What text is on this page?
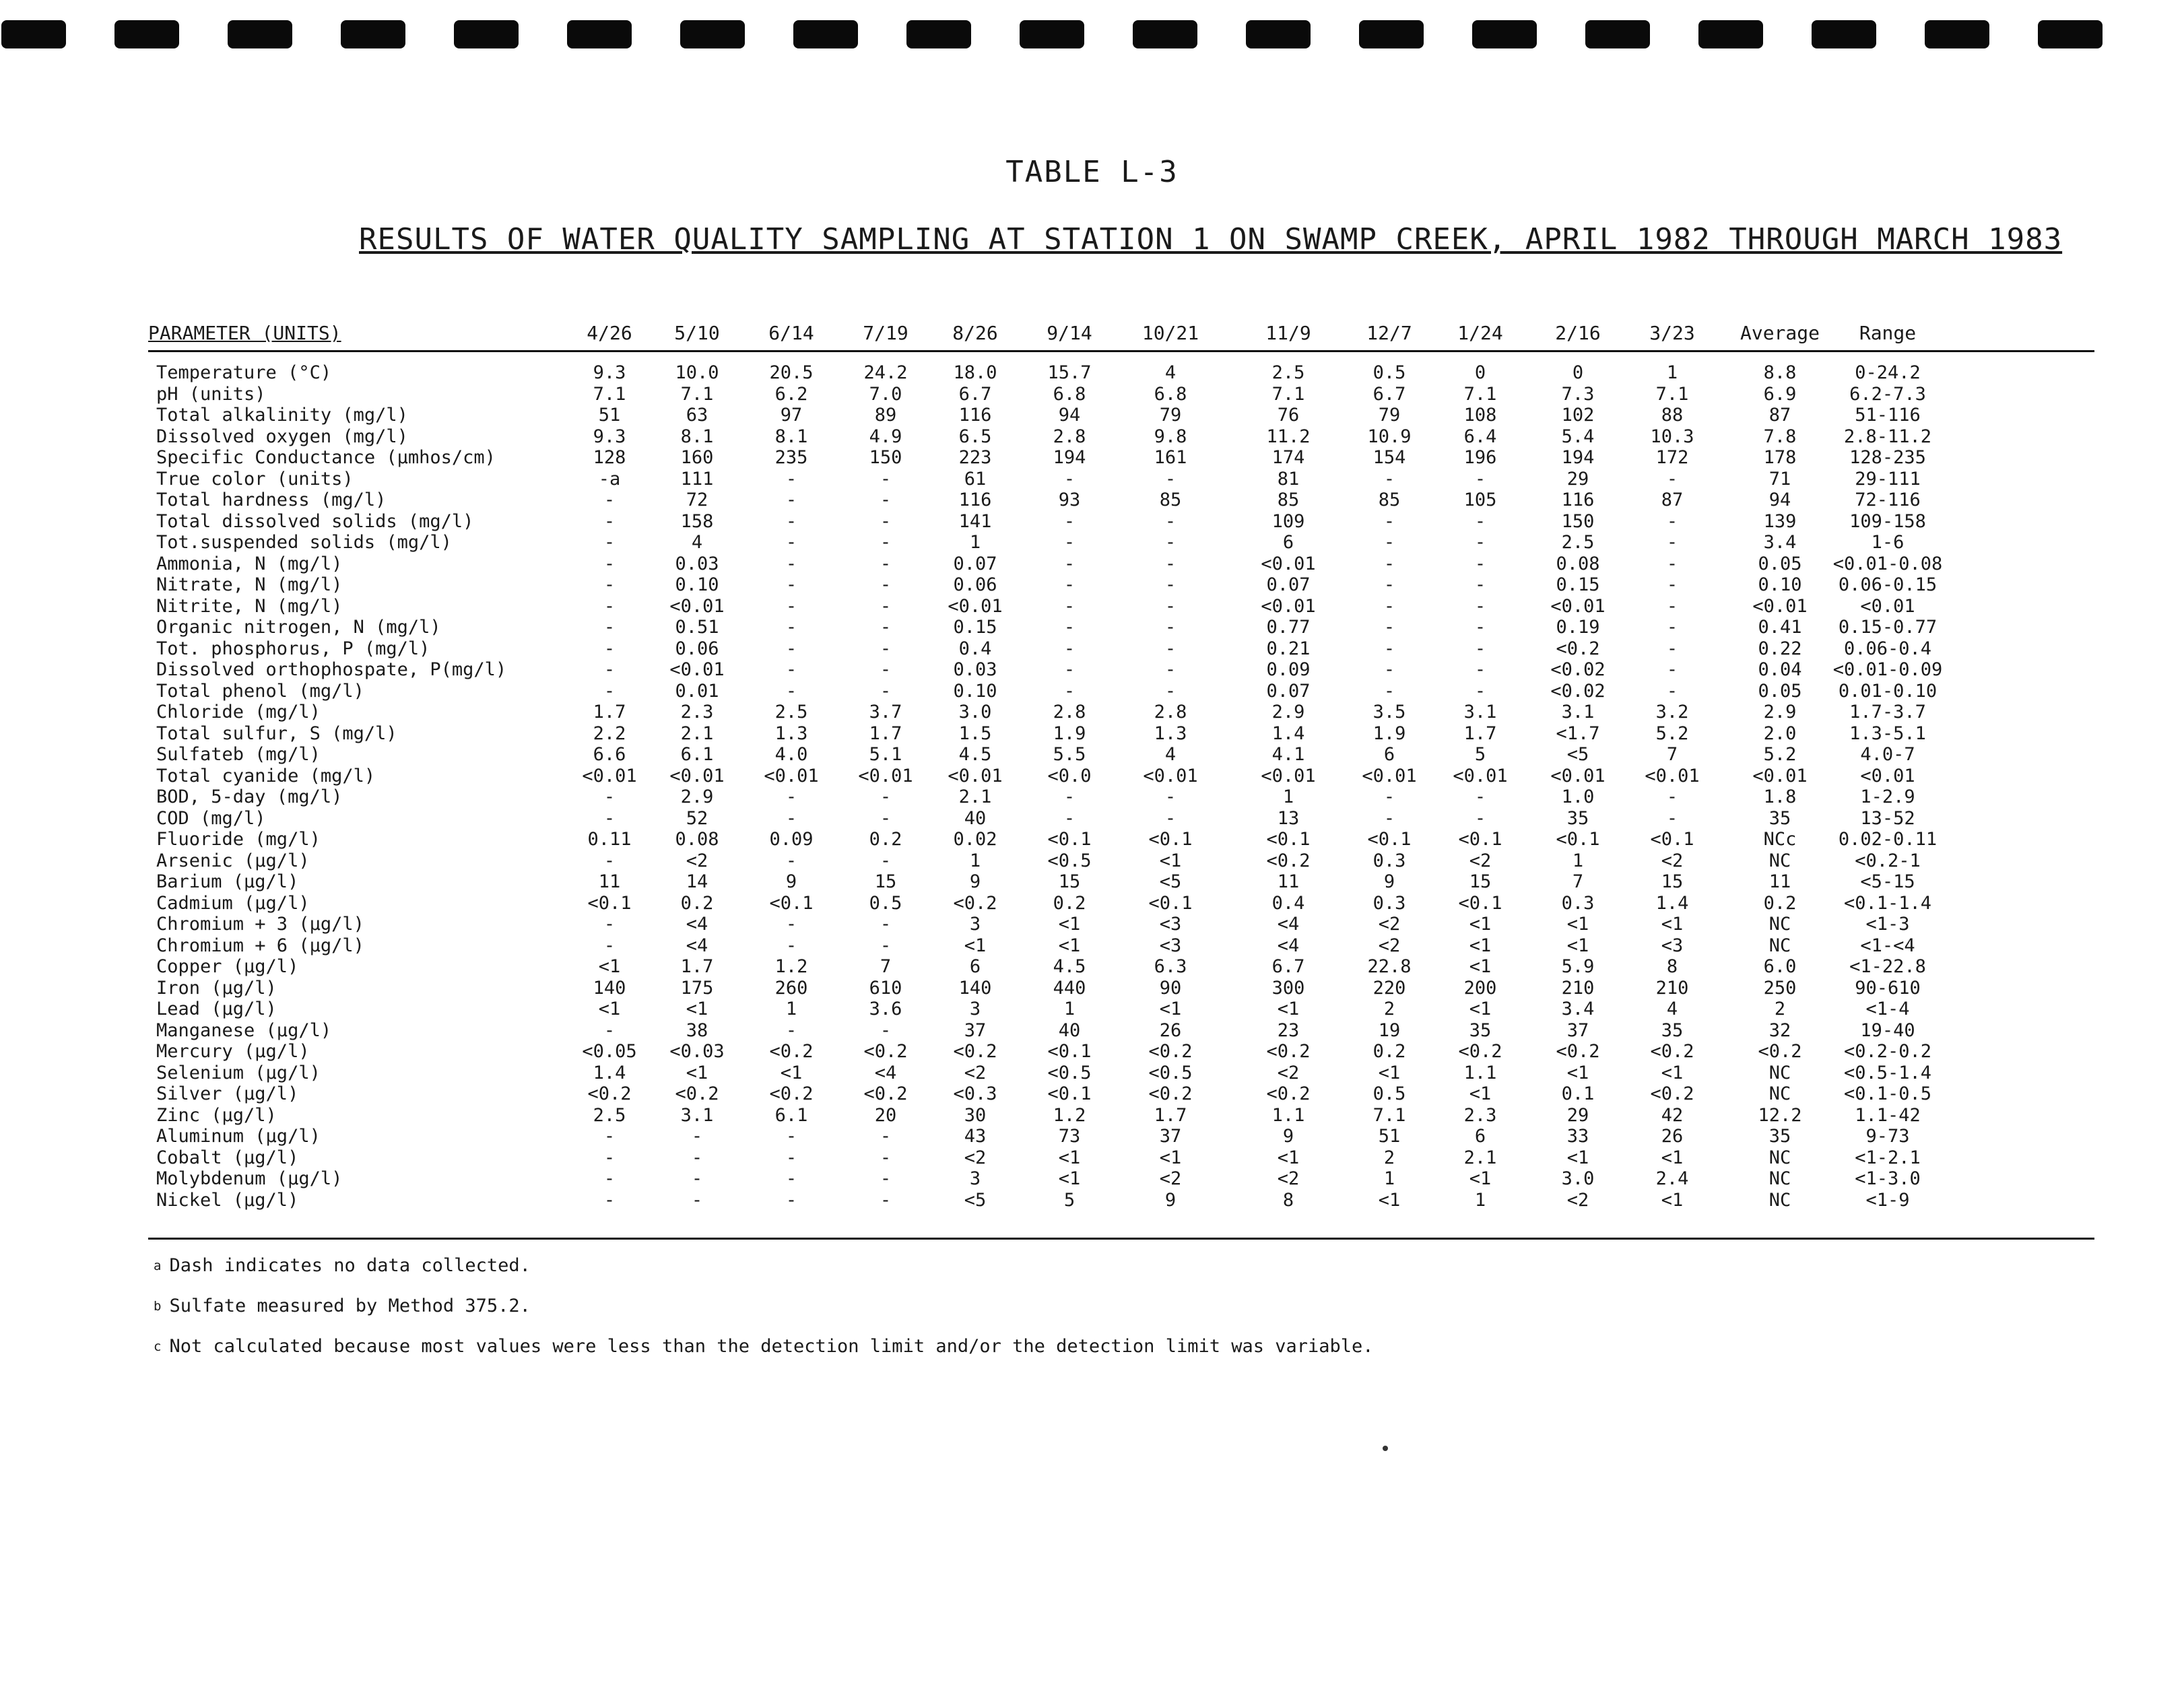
TABLE L-3
RESULTS OF WATER QUALITY SAMPLING AT STATION 1 ON SWAMP CREEK, APRIL 1982 THROUGH MARCH 1983
PARAMETER (UNITS)	4/26	5/10	6/14	7/19	8/26	9/14	10/21	11/9	12/7	1/24	2/16	3/23	Average	Range
Temperature (°C)	9.3	10.0	20.5	24.2	18.0	15.7	4	2.5	0.5	0	0	1	8.8	0-24.2
pH (units)	7.1	7.1	6.2	7.0	6.7	6.8	6.8	7.1	6.7	7.1	7.3	7.1	6.9	6.2-7.3
Total alkalinity (mg/l)	51	63	97	89	116	94	79	76	79	108	102	88	87	51-116
Dissolved oxygen (mg/l)	9.3	8.1	8.1	4.9	6.5	2.8	9.8	11.2	10.9	6.4	5.4	10.3	7.8	2.8-11.2
Specific Conductance (µmhos/cm)	128	160	235	150	223	194	161	174	154	196	194	172	178	128-235
True color (units)	-a	111	-	-	61	-	-	81	-	-	29	-	71	29-111
Total hardness (mg/l)	-	72	-	-	116	93	85	85	85	105	116	87	94	72-116
Total dissolved solids (mg/l)	-	158	-	-	141	-	-	109	-	-	150	-	139	109-158
Tot.suspended solids (mg/l)	-	4	-	-	1	-	-	6	-	-	2.5	-	3.4	1-6
Ammonia, N (mg/l)	-	0.03	-	-	0.07	-	-	<0.01	-	-	0.08	-	0.05	<0.01-0.08
Nitrate, N (mg/l)	-	0.10	-	-	0.06	-	-	0.07	-	-	0.15	-	0.10	0.06-0.15
Nitrite, N (mg/l)	-	<0.01	-	-	<0.01	-	-	<0.01	-	-	<0.01	-	<0.01	<0.01
Organic nitrogen, N (mg/l)	-	0.51	-	-	0.15	-	-	0.77	-	-	0.19	-	0.41	0.15-0.77
Tot. phosphorus, P (mg/l)	-	0.06	-	-	0.4	-	-	0.21	-	-	<0.2	-	0.22	0.06-0.4
Dissolved orthophospate, P(mg/l)	-	<0.01	-	-	0.03	-	-	0.09	-	-	<0.02	-	0.04	<0.01-0.09
Total phenol (mg/l)	-	0.01	-	-	0.10	-	-	0.07	-	-	<0.02	-	0.05	0.01-0.10
Chloride (mg/l)	1.7	2.3	2.5	3.7	3.0	2.8	2.8	2.9	3.5	3.1	3.1	3.2	2.9	1.7-3.7
Total sulfur, S (mg/l)	2.2	2.1	1.3	1.7	1.5	1.9	1.3	1.4	1.9	1.7	<1.7	5.2	2.0	1.3-5.1
Sulfateb (mg/l)	6.6	6.1	4.0	5.1	4.5	5.5	4	4.1	6	5	<5	7	5.2	4.0-7
Total cyanide (mg/l)	<0.01	<0.01	<0.01	<0.01	<0.01	<0.0	<0.01	<0.01	<0.01	<0.01	<0.01	<0.01	<0.01	<0.01
BOD, 5-day (mg/l)	-	2.9	-	-	2.1	-	-	1	-	-	1.0	-	1.8	1-2.9
COD (mg/l)	-	52	-	-	40	-	-	13	-	-	35	-	35	13-52
Fluoride (mg/l)	0.11	0.08	0.09	0.2	0.02	<0.1	<0.1	<0.1	<0.1	<0.1	<0.1	<0.1	NCc	0.02-0.11
Arsenic (µg/l)	-	<2	-	-	1	<0.5	<1	<0.2	0.3	<2	1	<2	NC	<0.2-1
Barium (µg/l)	11	14	9	15	9	15	<5	11	9	15	7	15	11	<5-15
Cadmium (µg/l)	<0.1	0.2	<0.1	0.5	<0.2	0.2	<0.1	0.4	0.3	<0.1	0.3	1.4	0.2	<0.1-1.4
Chromium + 3 (µg/l)	-	<4	-	-	3	<1	<3	<4	<2	<1	<1	<1	NC	<1-3
Chromium + 6 (µg/l)	-	<4	-	-	<1	<1	<3	<4	<2	<1	<1	<3	NC	<1-<4
Copper (µg/l)	<1	1.7	1.2	7	6	4.5	6.3	6.7	22.8	<1	5.9	8	6.0	<1-22.8
Iron (µg/l)	140	175	260	610	140	440	90	300	220	200	210	210	250	90-610
Lead (µg/l)	<1	<1	1	3.6	3	1	<1	<1	2	<1	3.4	4	2	<1-4
Manganese (µg/l)	-	38	-	-	37	40	26	23	19	35	37	35	32	19-40
Mercury (µg/l)	<0.05	<0.03	<0.2	<0.2	<0.2	<0.1	<0.2	<0.2	0.2	<0.2	<0.2	<0.2	<0.2	<0.2-0.2
Selenium (µg/l)	1.4	<1	<1	<4	<2	<0.5	<0.5	<2	<1	1.1	<1	<1	NC	<0.5-1.4
Silver (µg/l)	<0.2	<0.2	<0.2	<0.2	<0.3	<0.1	<0.2	<0.2	0.5	<1	0.1	<0.2	NC	<0.1-0.5
Zinc (µg/l)	2.5	3.1	6.1	20	30	1.2	1.7	1.1	7.1	2.3	29	42	12.2	1.1-42
Aluminum (µg/l)	-	-	-	-	43	73	37	9	51	6	33	26	35	9-73
Cobalt (µg/l)	-	-	-	-	<2	<1	<1	<1	2	2.1	<1	<1	NC	<1-2.1
Molybdenum (µg/l)	-	-	-	-	3	<1	<2	<2	1	<1	3.0	2.4	NC	<1-3.0
Nickel (µg/l)	-	-	-	-	<5	5	9	8	<1	1	<2	<1	NC	<1-9
$^a$ Dash indicates no data collected.
$^b$ Sulfate measured by Method 375.2.
$^c$ Not calculated because most values were less than the detection limit and/or the detection limit was variable.
